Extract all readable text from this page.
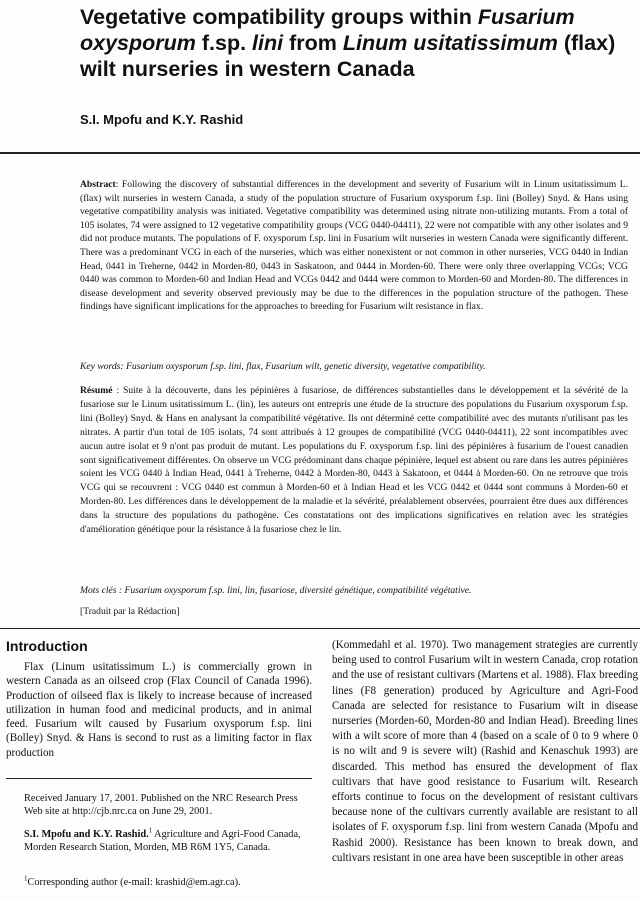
Vegetative compatibility groups within Fusarium oxysporum f.sp. lini from Linum usitatissimum (flax) wilt nurseries in western Canada
S.I. Mpofu and K.Y. Rashid

Abstract: Following the discovery of substantial differences in the development and severity of Fusarium wilt in Linum usitatissimum L. (flax) wilt nurseries in western Canada, a study of the population structure of Fusarium oxysporum f.sp. lini (Bolley) Snyd. & Hans using vegetative compatibility analysis was initiated. Vegetative compatibility was determined using nitrate non-utilizing mutants. From a total of 105 isolates, 74 were assigned to 12 vegetative compatibility groups (VCG 0440-04411), 22 were not compatible with any other isolates and 9 did not produce mutants. The populations of F. oxysporum f.sp. lini in Fusarium wilt nurseries in western Canada were significantly different. There was a predominant VCG in each of the nurseries, which was either nonexistent or not common in other nurseries, VCG 0440 in Indian Head, 0441 in Treherne, 0442 in Morden-80, 0443 in Saskatoon, and 0444 in Morden-60. There were only three overlapping VCGs; VCG 0440 was common to Morden-60 and Indian Head and VCGs 0442 and 0444 were common to Morden-60 and Morden-80. The differences in disease development and severity observed previously may be due to the differences in the population structure of the pathogen. These findings have significant implications for the approaches to breeding for Fusarium wilt resistance in flax.

Key words: Fusarium oxysporum f.sp. lini, flax, Fusarium wilt, genetic diversity, vegetative compatibility.

Résumé : Suite à la découverte, dans les pépinières à fusariose, de différences substantielles dans le développement et la sévérité de la fusariose sur le Linum usitatissimum L. (lin), les auteurs ont entrepris une étude de la structure des populations du Fusarium oxysporum f.sp. lini (Bolley) Snyd. & Hans en analysant la compatibilité végétative. Ils ont déterminé cette compatibilité avec des mutants n'utilisant pas les nitrates. A partir d'un total de 105 isolats, 74 sont attribués à 12 groupes de compatibilité (VCG 0440-04411), 22 sont incompatibles avec aucun autre isolat et 9 n'ont pas produit de mutant. Les populations du F. oxysporum f.sp. lini des pépinières à fusarium de l'ouest canadien sont significativement différentes. On observe un VCG prédominant dans chaque pépinière, lequel est absent ou rare dans les autres pépinières soient les VCG 0440 à Indian Head, 0441 à Treherne, 0442 à Morden-80, 0443 à Sakatoon, et 0444 à Morden-60. On ne retrouve que trois VCG qui se recouvrent : VCG 0440 est commun à Morden-60 et à Indian Head et les VCG 0442 et 0444 sont communs à Morden-60 et Morden-80. Les différences dans le développement de la maladie et la sévérité, préalablement observées, pourraient être dues aux différences dans la structure des populations du pathogène. Ces constatations ont des implications significatives en relation avec les stratégies d'amélioration génétique pour la résistance à la fusariose chez le lin.

Mots clés : Fusarium oxysporum f.sp. lini, lin, fusariose, diversité génétique, compatibilité végétative.

[Traduit par la Rédaction]

Introduction

Flax (Linum usitatissimum L.) is commercially grown in western Canada as an oilseed crop (Flax Council of Canada 1996). Production of oilseed flax is likely to increase because of increased utilization in human food and medicinal products, and in animal feed. Fusarium wilt caused by Fusarium oxysporum f.sp. lini (Bolley) Snyd. & Hans is second to rust as a limiting factor in flax production

(Kommedahl et al. 1970). Two management strategies are currently being used to control Fusarium wilt in western Canada, crop rotation and the use of resistant cultivars (Martens et al. 1988). Flax breeding lines (F8 generation) produced by Agriculture and Agri-Food Canada are selected for resistance to Fusarium wilt in disease nurseries (Morden-60, Morden-80 and Indian Head). Breeding lines with a wilt score of more than 4 (based on a scale of 0 to 9 where 0 is no wilt and 9 is severe wilt) (Rashid and Kenaschuk 1993) are discarded. This method has ensured the development of flax cultivars that have good resistance to Fusarium wilt. Research efforts continue to focus on the development of resistant cultivars because none of the cultivars currently available are resistant to all isolates of F. oxysporum f.sp. lini from western Canada (Mpofu and Rashid 2000). Resistance has been known to break down, and cultivars resistant in one area have been susceptible in other areas

Received January 17, 2001. Published on the NRC Research Press Web site at http://cjb.nrc.ca on June 29, 2001.

S.I. Mpofu and K.Y. Rashid.$^1$ Agriculture and Agri-Food Canada, Morden Research Station, Morden, MB R6M 1Y5, Canada.

$^1$Corresponding author (e-mail: krashid@em.agr.ca).
